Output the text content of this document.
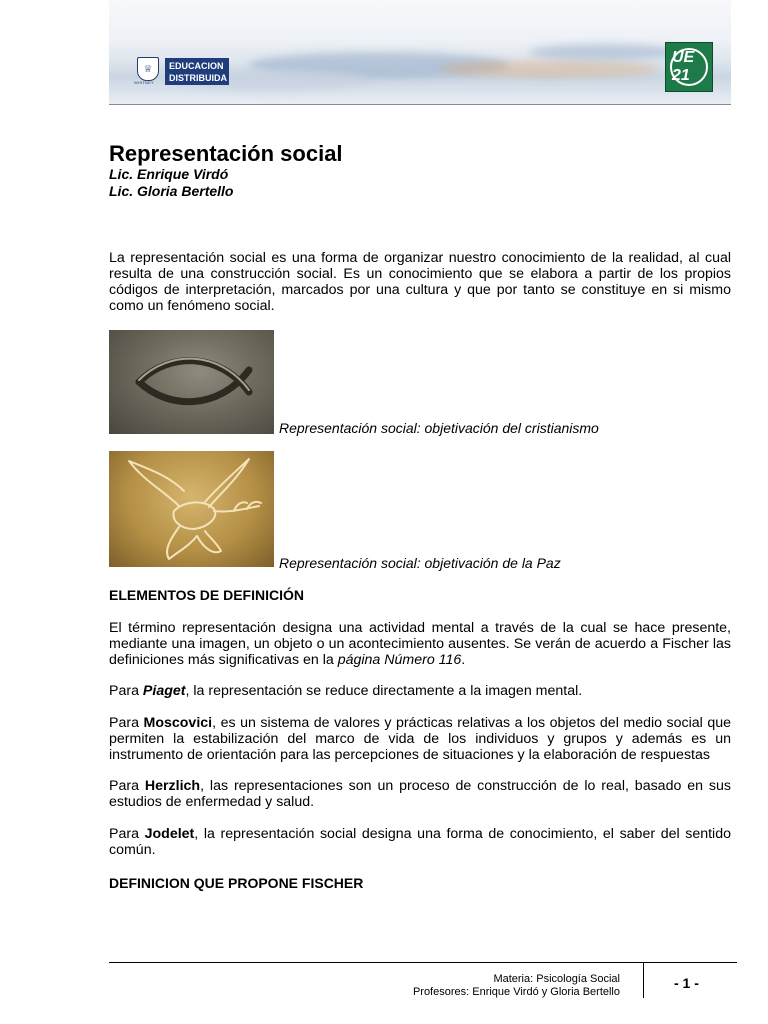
♕
WHITNEY
EDUCACION
DISTRIBUIDA
UE 21
Representación social
Lic. Enrique Virdó
Lic. Gloria Bertello
La representación social es una forma de organizar nuestro conocimiento de la realidad, al cual resulta de una construcción social. Es un conocimiento que se elabora a partir de los propios códigos de interpretación, marcados por una cultura y que por tanto se constituye en si mismo como un fenómeno social.
Representación social: objetivación del cristianismo
Representación social: objetivación de la Paz
ELEMENTOS DE DEFINICIÓN
El término representación designa una actividad mental a través de la cual se hace presente, mediante una imagen, un objeto o un acontecimiento ausentes. Se verán de acuerdo a Fischer las definiciones más significativas en la página Número 116.
Para Piaget, la representación se reduce directamente a la imagen mental.
Para Moscovici, es un sistema de valores y prácticas relativas a los objetos del medio social que permiten la estabilización del marco de vida de los individuos y grupos y además es un instrumento de orientación para las percepciones de situaciones y la elaboración de respuestas
Para Herzlich, las representaciones son un proceso de construcción de lo real, basado en sus estudios de enfermedad y salud.
Para Jodelet, la representación social designa una forma de conocimiento, el saber del sentido común.
DEFINICION QUE PROPONE FISCHER
Materia: Psicología Social
Profesores: Enrique Virdó y Gloria Bertello
- 1 -
